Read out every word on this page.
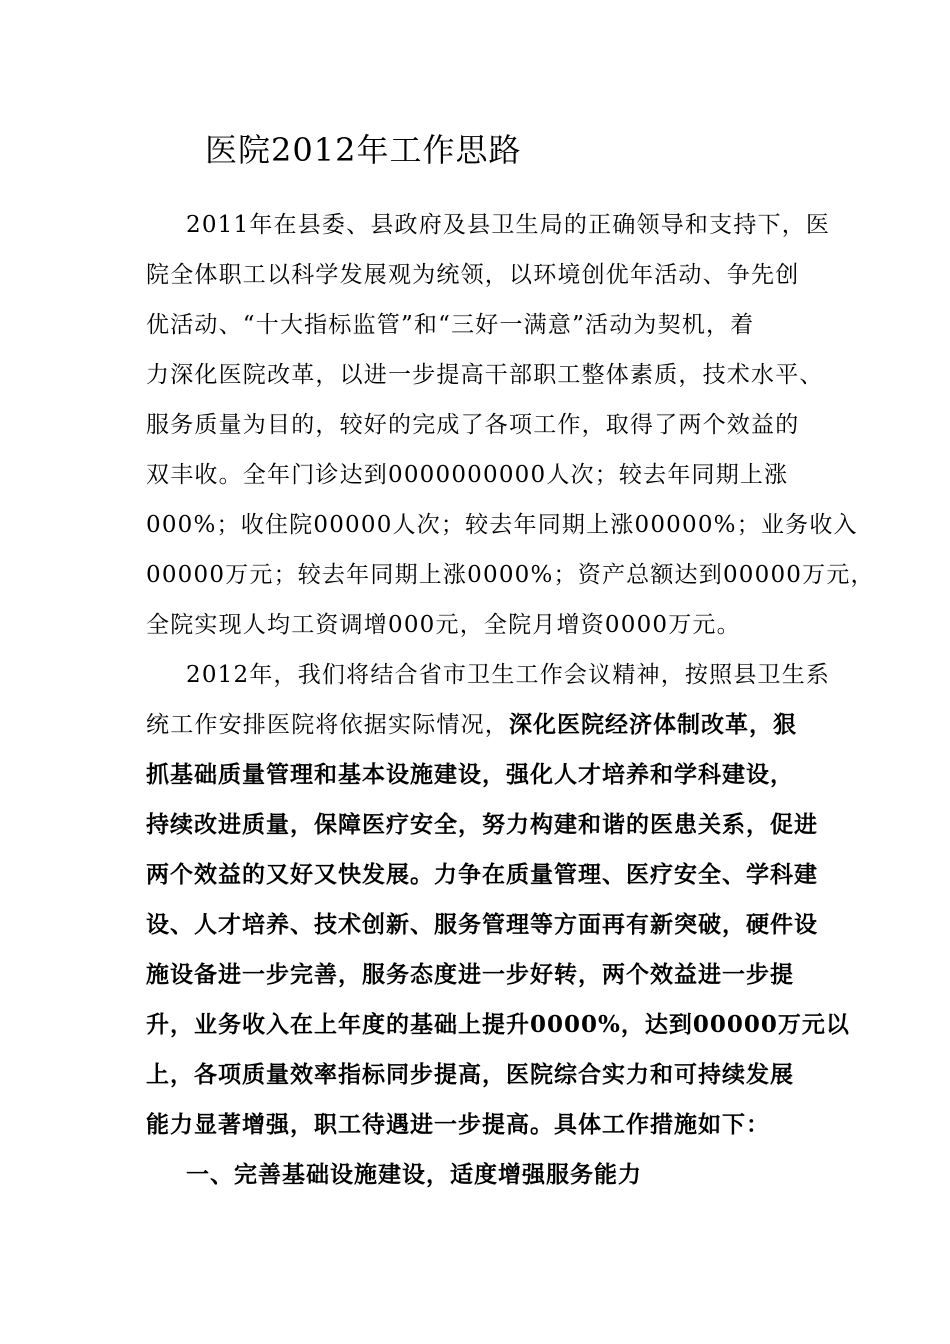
医院2012年工作思路
2011年在县委、县政府及县卫生局的正确领导和支持下，医
院全体职工以科学发展观为统领，以环境创优年活动、争先创
优活动、“十大指标监管”和“三好一满意”活动为契机，着
力深化医院改革，以进一步提高干部职工整体素质，技术水平、
服务质量为目的，较好的完成了各项工作，取得了两个效益的
双丰收。全年门诊达到0000000000人次；较去年同期上涨
000%；收住院00000人次；较去年同期上涨00000%；业务收入
00000万元；较去年同期上涨0000%；资产总额达到00000万元，
全院实现人均工资调增000元，全院月增资0000万元。
2012年，我们将结合省市卫生工作会议精神，按照县卫生系
统工作安排医院将依据实际情况，深化医院经济体制改革，狠
抓基础质量管理和基本设施建设，强化人才培养和学科建设，
持续改进质量，保障医疗安全，努力构建和谐的医患关系，促进
两个效益的又好又快发展。力争在质量管理、医疗安全、学科建
设、人才培养、技术创新、服务管理等方面再有新突破，硬件设
施设备进一步完善，服务态度进一步好转，两个效益进一步提
升，业务收入在上年度的基础上提升0000%，达到00000万元以
上，各项质量效率指标同步提高，医院综合实力和可持续发展
能力显著增强，职工待遇进一步提高。具体工作措施如下：
一、完善基础设施建设，适度增强服务能力
